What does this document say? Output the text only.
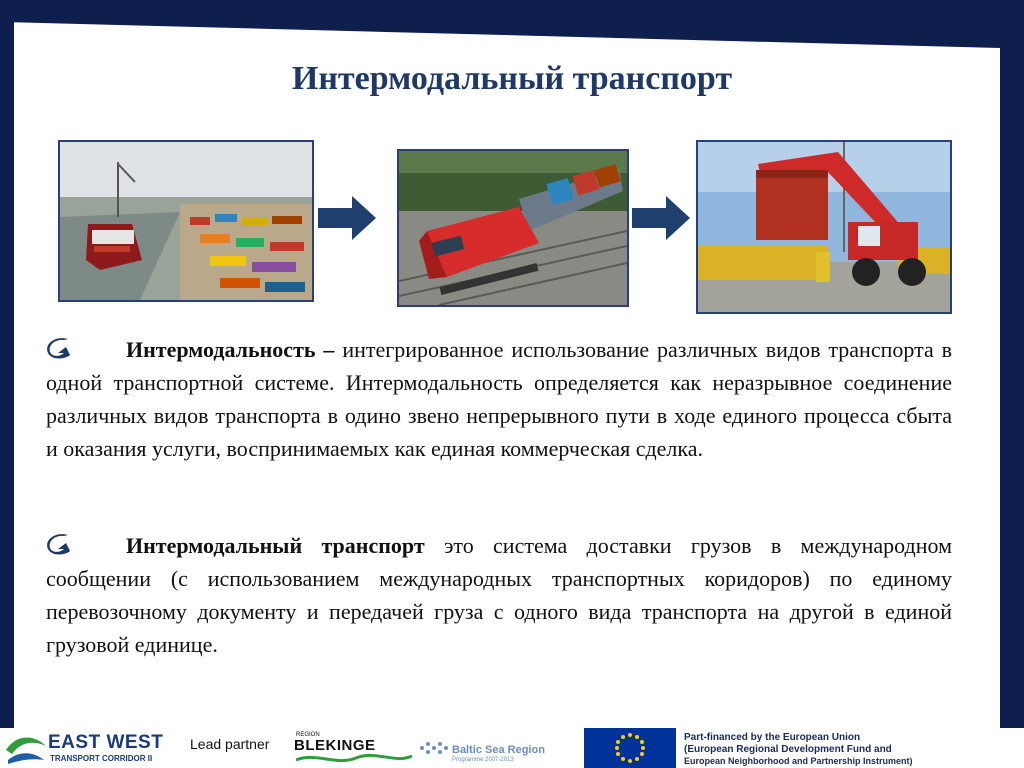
Интермодальный транспорт
Интермодальность – интегрированное использование различных видов транспорта в одной транспортной системе. Интермодальность определяется как неразрывное соединение различных видов транспорта в одино звено непрерывного пути в ходе единого процесса сбыта и оказания услуги, воспринимаемых как единая коммерческая сделка.
Интермодальный транспорт это система доставки грузов в международном сообщении (с использованием международных транспортных коридоров) по единому перевозочному документу и передачей груза с одного вида транспорта на другой в единой грузовой единице.
EAST WEST
TRANSPORT CORRIDOR II
Lead partner
REGION
BLEKINGE	Baltic Sea Region
Programme 2007-2013
Part-financed by the European Union
(European Regional Development Fund and
European Neighborhood and Partnership Instrument)
